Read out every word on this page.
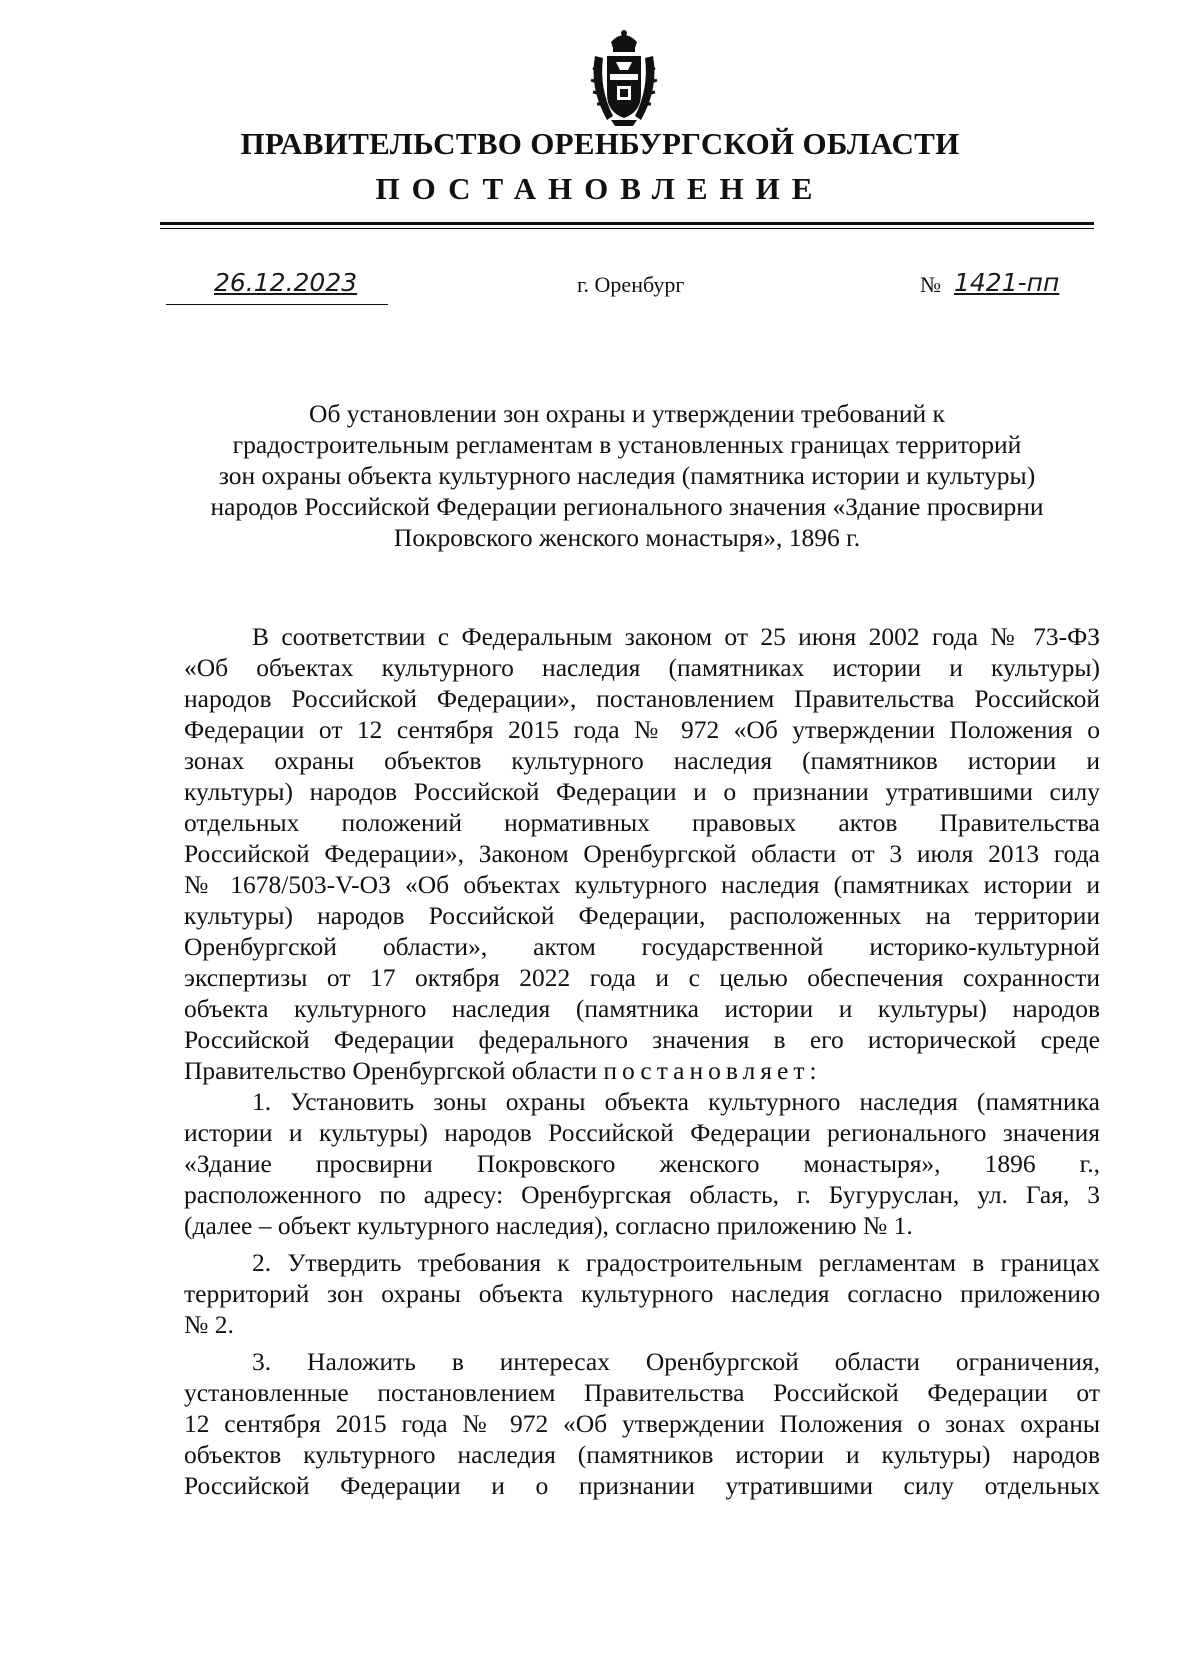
ПРАВИТЕЛЬСТВО ОРЕНБУРГСКОЙ ОБЛАСТИ
ПОСТАНОВЛЕНИЕ
26.12.2023	г. Оренбург	№ 1421-пп
Об установлении зон охраны и утверждении требований к
градостроительным регламентам в установленных границах территорий
зон охраны объекта культурного наследия (памятника истории и культуры)
народов Российской Федерации регионального значения «Здание просвирни
Покровского женского монастыря», 1896 г.
В соответствии с Федеральным законом от 25 июня 2002 года № 73-ФЗ
«Об объектах культурного наследия (памятниках истории и культуры)
народов Российской Федерации», постановлением Правительства Российской
Федерации от 12 сентября 2015 года № 972 «Об утверждении Положения о
зонах охраны объектов культурного наследия (памятников истории и
культуры) народов Российской Федерации и о признании утратившими силу
отдельных положений нормативных правовых актов Правительства
Российской Федерации», Законом Оренбургской области от 3 июля 2013 года
№ 1678/503-V-ОЗ «Об объектах культурного наследия (памятниках истории и
культуры) народов Российской Федерации, расположенных на территории
Оренбургской области», актом государственной историко-культурной
экспертизы от 17 октября 2022 года и с целью обеспечения сохранности
объекта культурного наследия (памятника истории и культуры) народов
Российской Федерации федерального значения в его исторической среде
Правительство Оренбургской области постановляет:
1. Установить зоны охраны объекта культурного наследия (памятника
истории и культуры) народов Российской Федерации регионального значения
«Здание просвирни Покровского женского монастыря», 1896 г.,
расположенного по адресу: Оренбургская область, г. Бугуруслан, ул. Гая, 3
(далее – объект культурного наследия), согласно приложению № 1.
2. Утвердить требования к градостроительным регламентам в границах
территорий зон охраны объекта культурного наследия согласно приложению
№ 2.
3. Наложить в интересах Оренбургской области ограничения,
установленные постановлением Правительства Российской Федерации от
12 сентября 2015 года № 972 «Об утверждении Положения о зонах охраны
объектов культурного наследия (памятников истории и культуры) народов
Российской Федерации и о признании утратившими силу отдельных
